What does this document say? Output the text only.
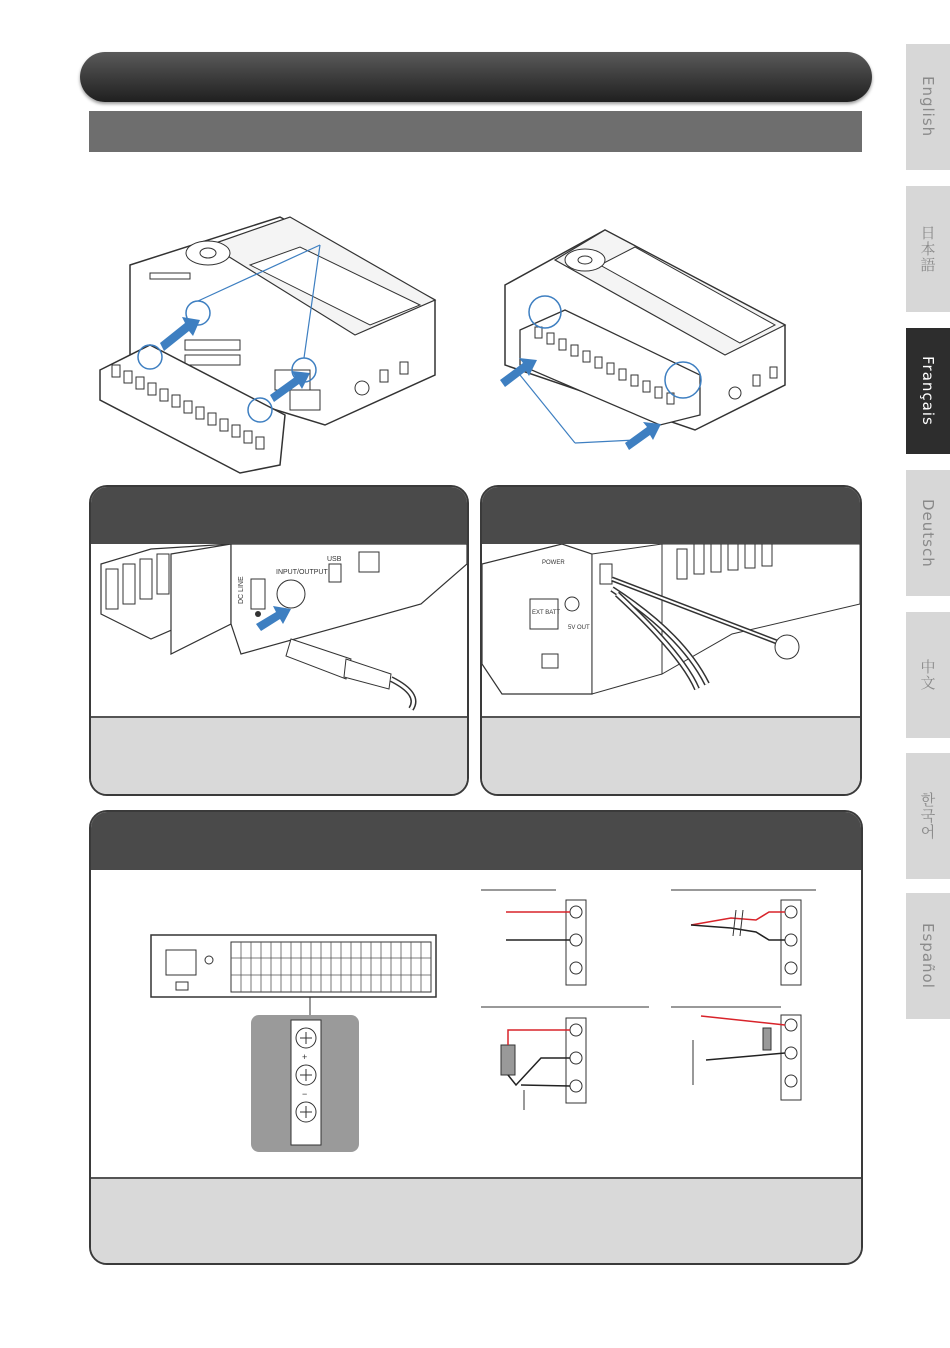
English
日本語
Français
Deutsch
中文
한국어
Español
DC LINE
INPUT/OUTPUT
USB
EXT BATT
5V OUT
POWER
+
−
